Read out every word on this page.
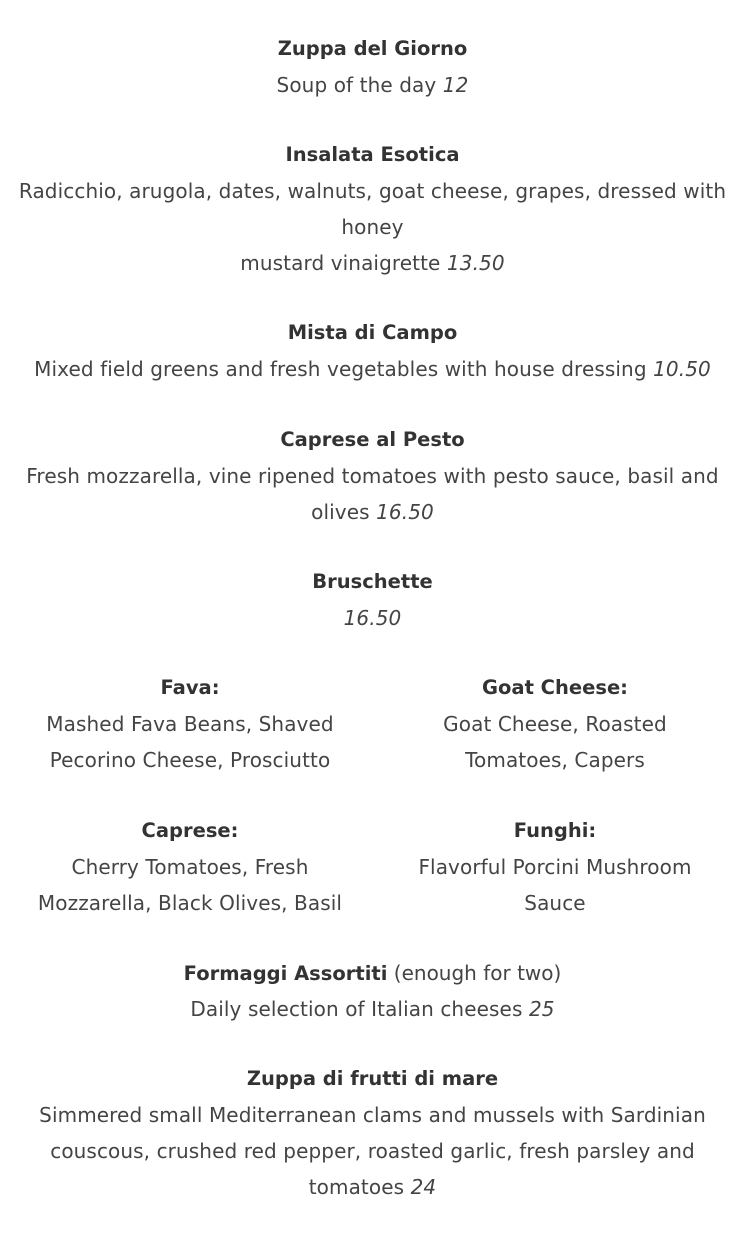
Zuppa del Giorno
Soup of the day 12
Insalata Esotica
Radicchio, arugola, dates, walnuts, goat cheese, grapes, dressed with
honey
mustard vinaigrette 13.50
Mista di Campo
Mixed field greens and fresh vegetables with house dressing 10.50
Caprese al Pesto
Fresh mozzarella, vine ripened tomatoes with pesto sauce, basil and
olives 16.50
Bruschette
16.50
Fava:
Mashed Fava Beans, Shaved
Pecorino Cheese, Prosciutto
Goat Cheese:
Goat Cheese, Roasted
Tomatoes, Capers
Caprese:
Cherry Tomatoes, Fresh
Mozzarella, Black Olives, Basil
Funghi:
Flavorful Porcini Mushroom
Sauce
Formaggi Assortiti (enough for two)
Daily selection of Italian cheeses 25
Zuppa di frutti di mare
Simmered small Mediterranean clams and mussels with Sardinian
couscous, crushed red pepper, roasted garlic, fresh parsley and
tomatoes 24
